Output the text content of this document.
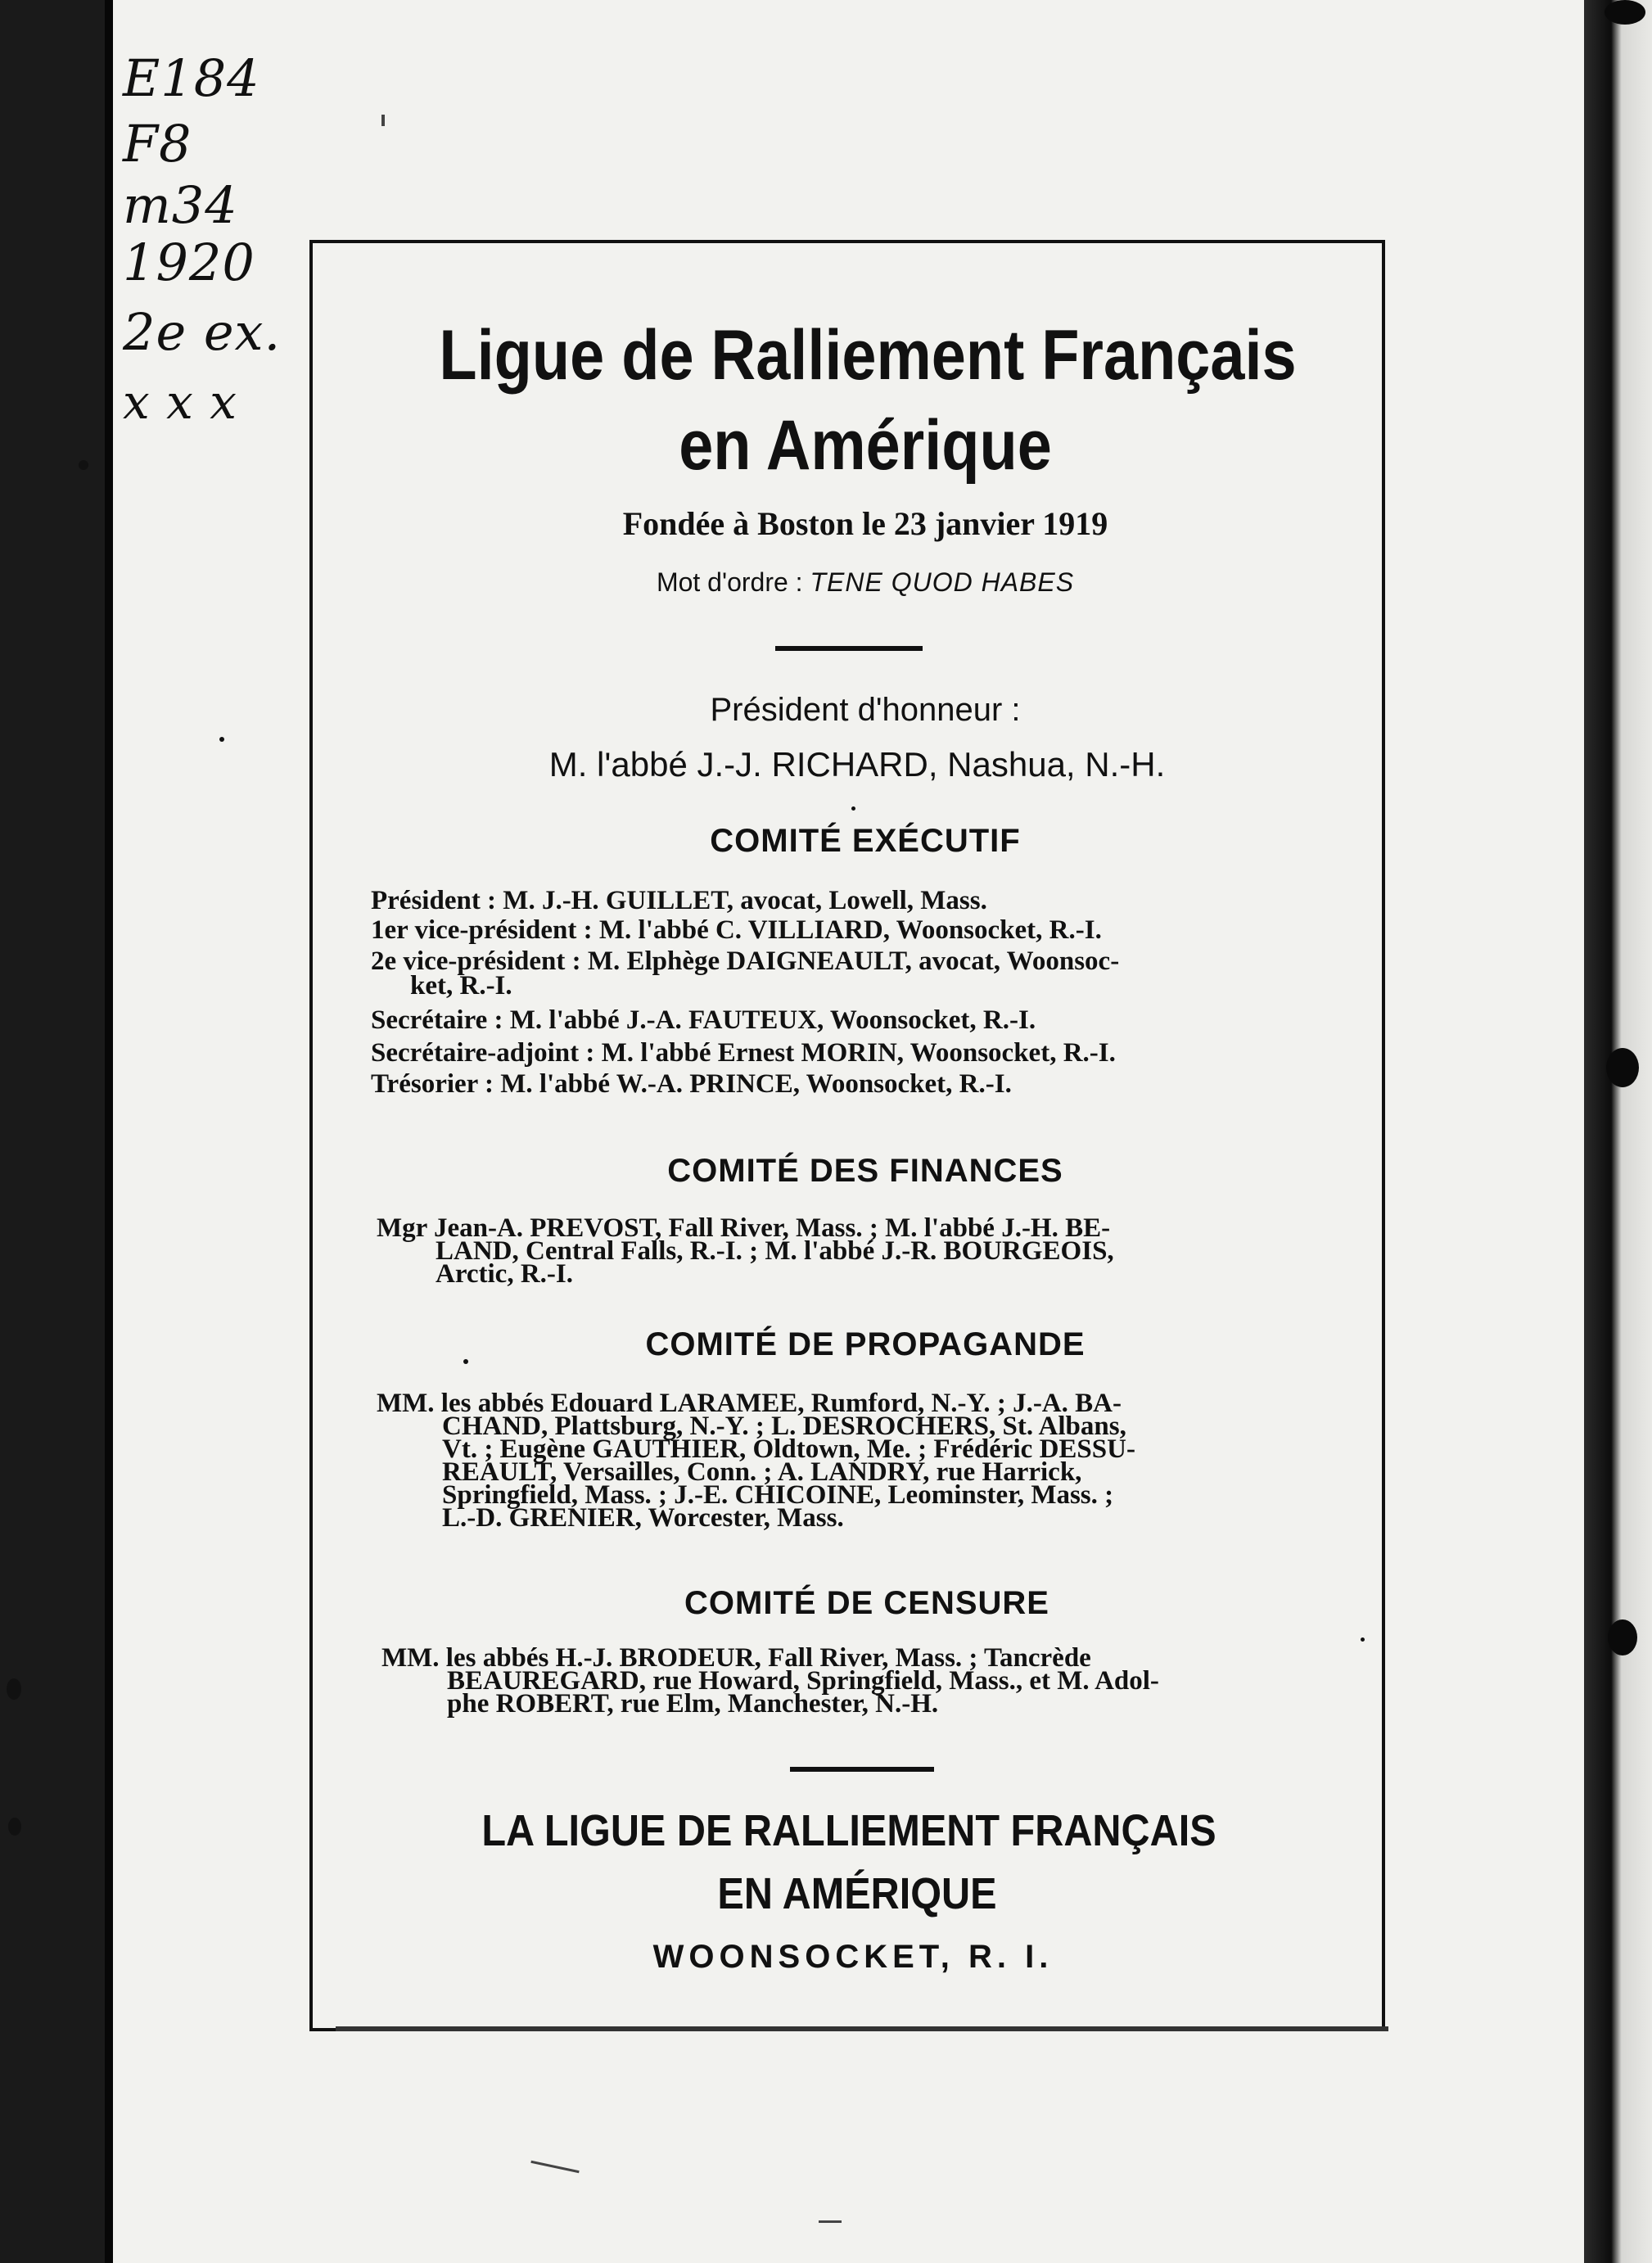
E184
F8
m34
1920
2e ex.
x x x
Ligue de Ralliement Français
en Amérique
Fondée à Boston le 23 janvier 1919
Mot d'ordre : TENE QUOD HABES
Président d'honneur :
M. l'abbé J.-J. RICHARD, Nashua, N.-H.
COMITÉ EXÉCUTIF
Président : M. J.-H. GUILLET, avocat, Lowell, Mass.
1er vice-président : M. l'abbé C. VILLIARD, Woonsocket, R.-I.
2e vice-président : M. Elphège DAIGNEAULT, avocat, Woonsoc-
ket, R.-I.
Secrétaire : M. l'abbé J.-A. FAUTEUX, Woonsocket, R.-I.
Secrétaire-adjoint : M. l'abbé Ernest MORIN, Woonsocket, R.-I.
Trésorier : M. l'abbé W.-A. PRINCE, Woonsocket, R.-I.
COMITÉ DES FINANCES
Mgr Jean-A. PREVOST, Fall River, Mass. ; M. l'abbé J.-H. BE-
LAND, Central Falls, R.-I. ; M. l'abbé J.-R. BOURGEOIS,
Arctic, R.-I.
COMITÉ DE PROPAGANDE
MM. les abbés Edouard LARAMEE, Rumford, N.-Y. ; J.-A. BA-
CHAND, Plattsburg, N.-Y. ; L. DESROCHERS, St. Albans,
Vt. ; Eugène GAUTHIER, Oldtown, Me. ; Frédéric DESSU-
REAULT, Versailles, Conn. ; A. LANDRY, rue Harrick,
Springfield, Mass. ; J.-E. CHICOINE, Leominster, Mass. ;
L.-D. GRENIER, Worcester, Mass.
COMITÉ DE CENSURE
MM. les abbés H.-J. BRODEUR, Fall River, Mass. ; Tancrède
BEAUREGARD, rue Howard, Springfield, Mass., et M. Adol-
phe ROBERT, rue Elm, Manchester, N.-H.
LA LIGUE DE RALLIEMENT FRANÇAIS
EN AMÉRIQUE
WOONSOCKET, R. I.
